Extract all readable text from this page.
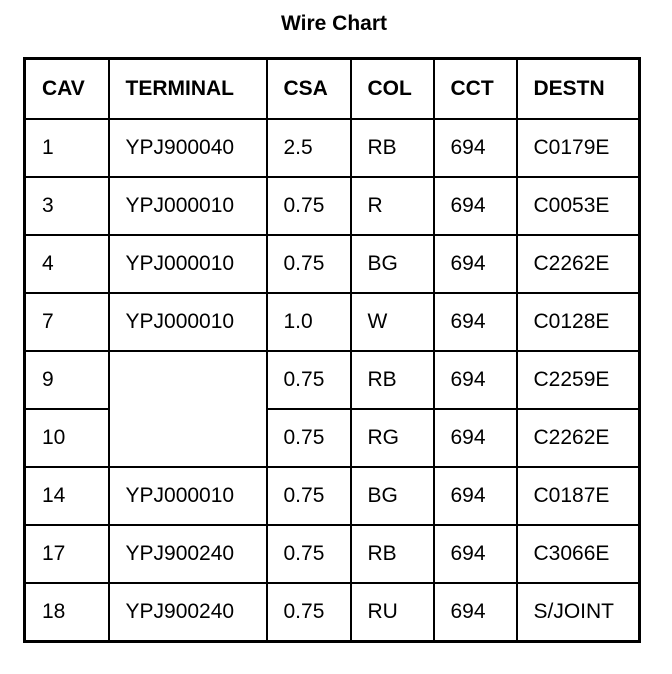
Wire Chart
CAV	TERMINAL	CSA	COL	CCT	DESTN
1	YPJ900040	2.5	RB	694	C0179E
3	YPJ000010	0.75	R	694	C0053E
4	YPJ000010	0.75	BG	694	C2262E
7	YPJ000010	1.0	W	694	C0128E
9		0.75	RB	694	C2259E
10		0.75	RG	694	C2262E
14	YPJ000010	0.75	BG	694	C0187E
17	YPJ900240	0.75	RB	694	C3066E
18	YPJ900240	0.75	RU	694	S/JOINT
